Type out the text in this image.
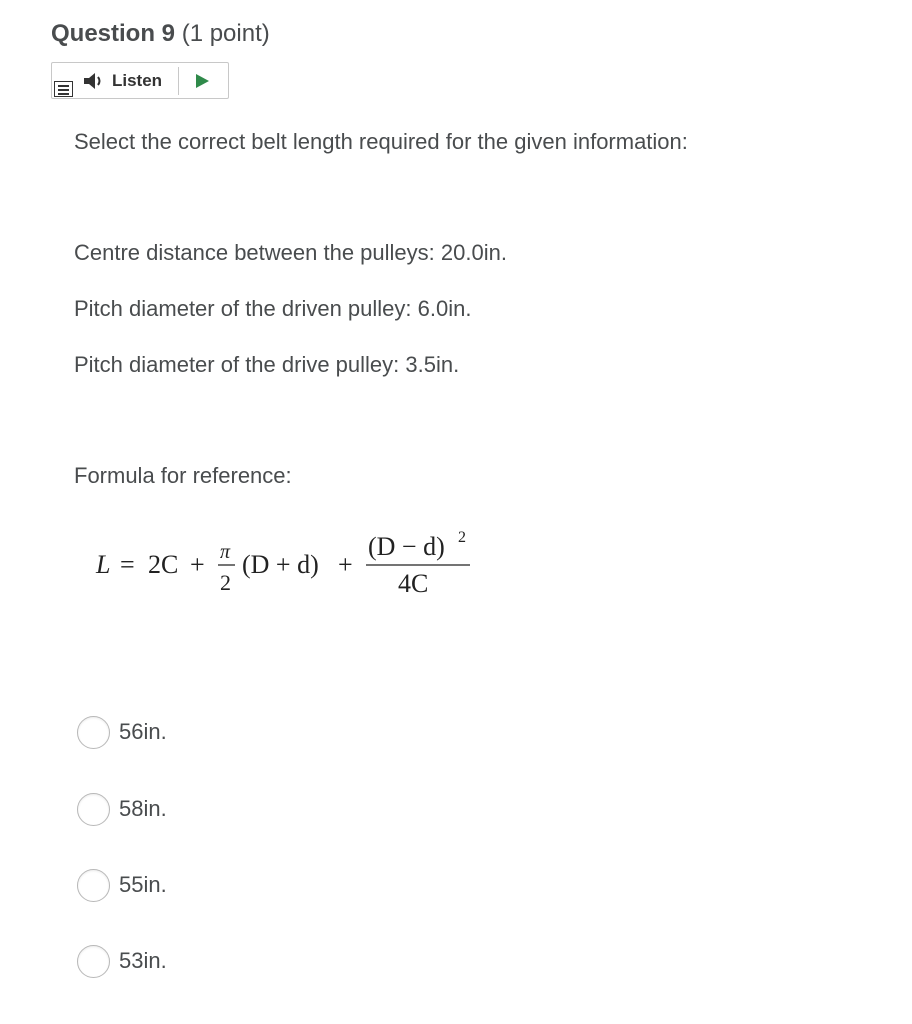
Question 9 (1 point)
Listen
Select the correct belt length required for the given information:
Centre distance between the pulleys: 20.0in.
Pitch diameter of the driven pulley: 6.0in.
Pitch diameter of the drive pulley: 3.5in.
Formula for reference:
L = 2C + π
2
(D + d) +
(D − d) 2
4C
56in.
58in.
55in.
53in.
